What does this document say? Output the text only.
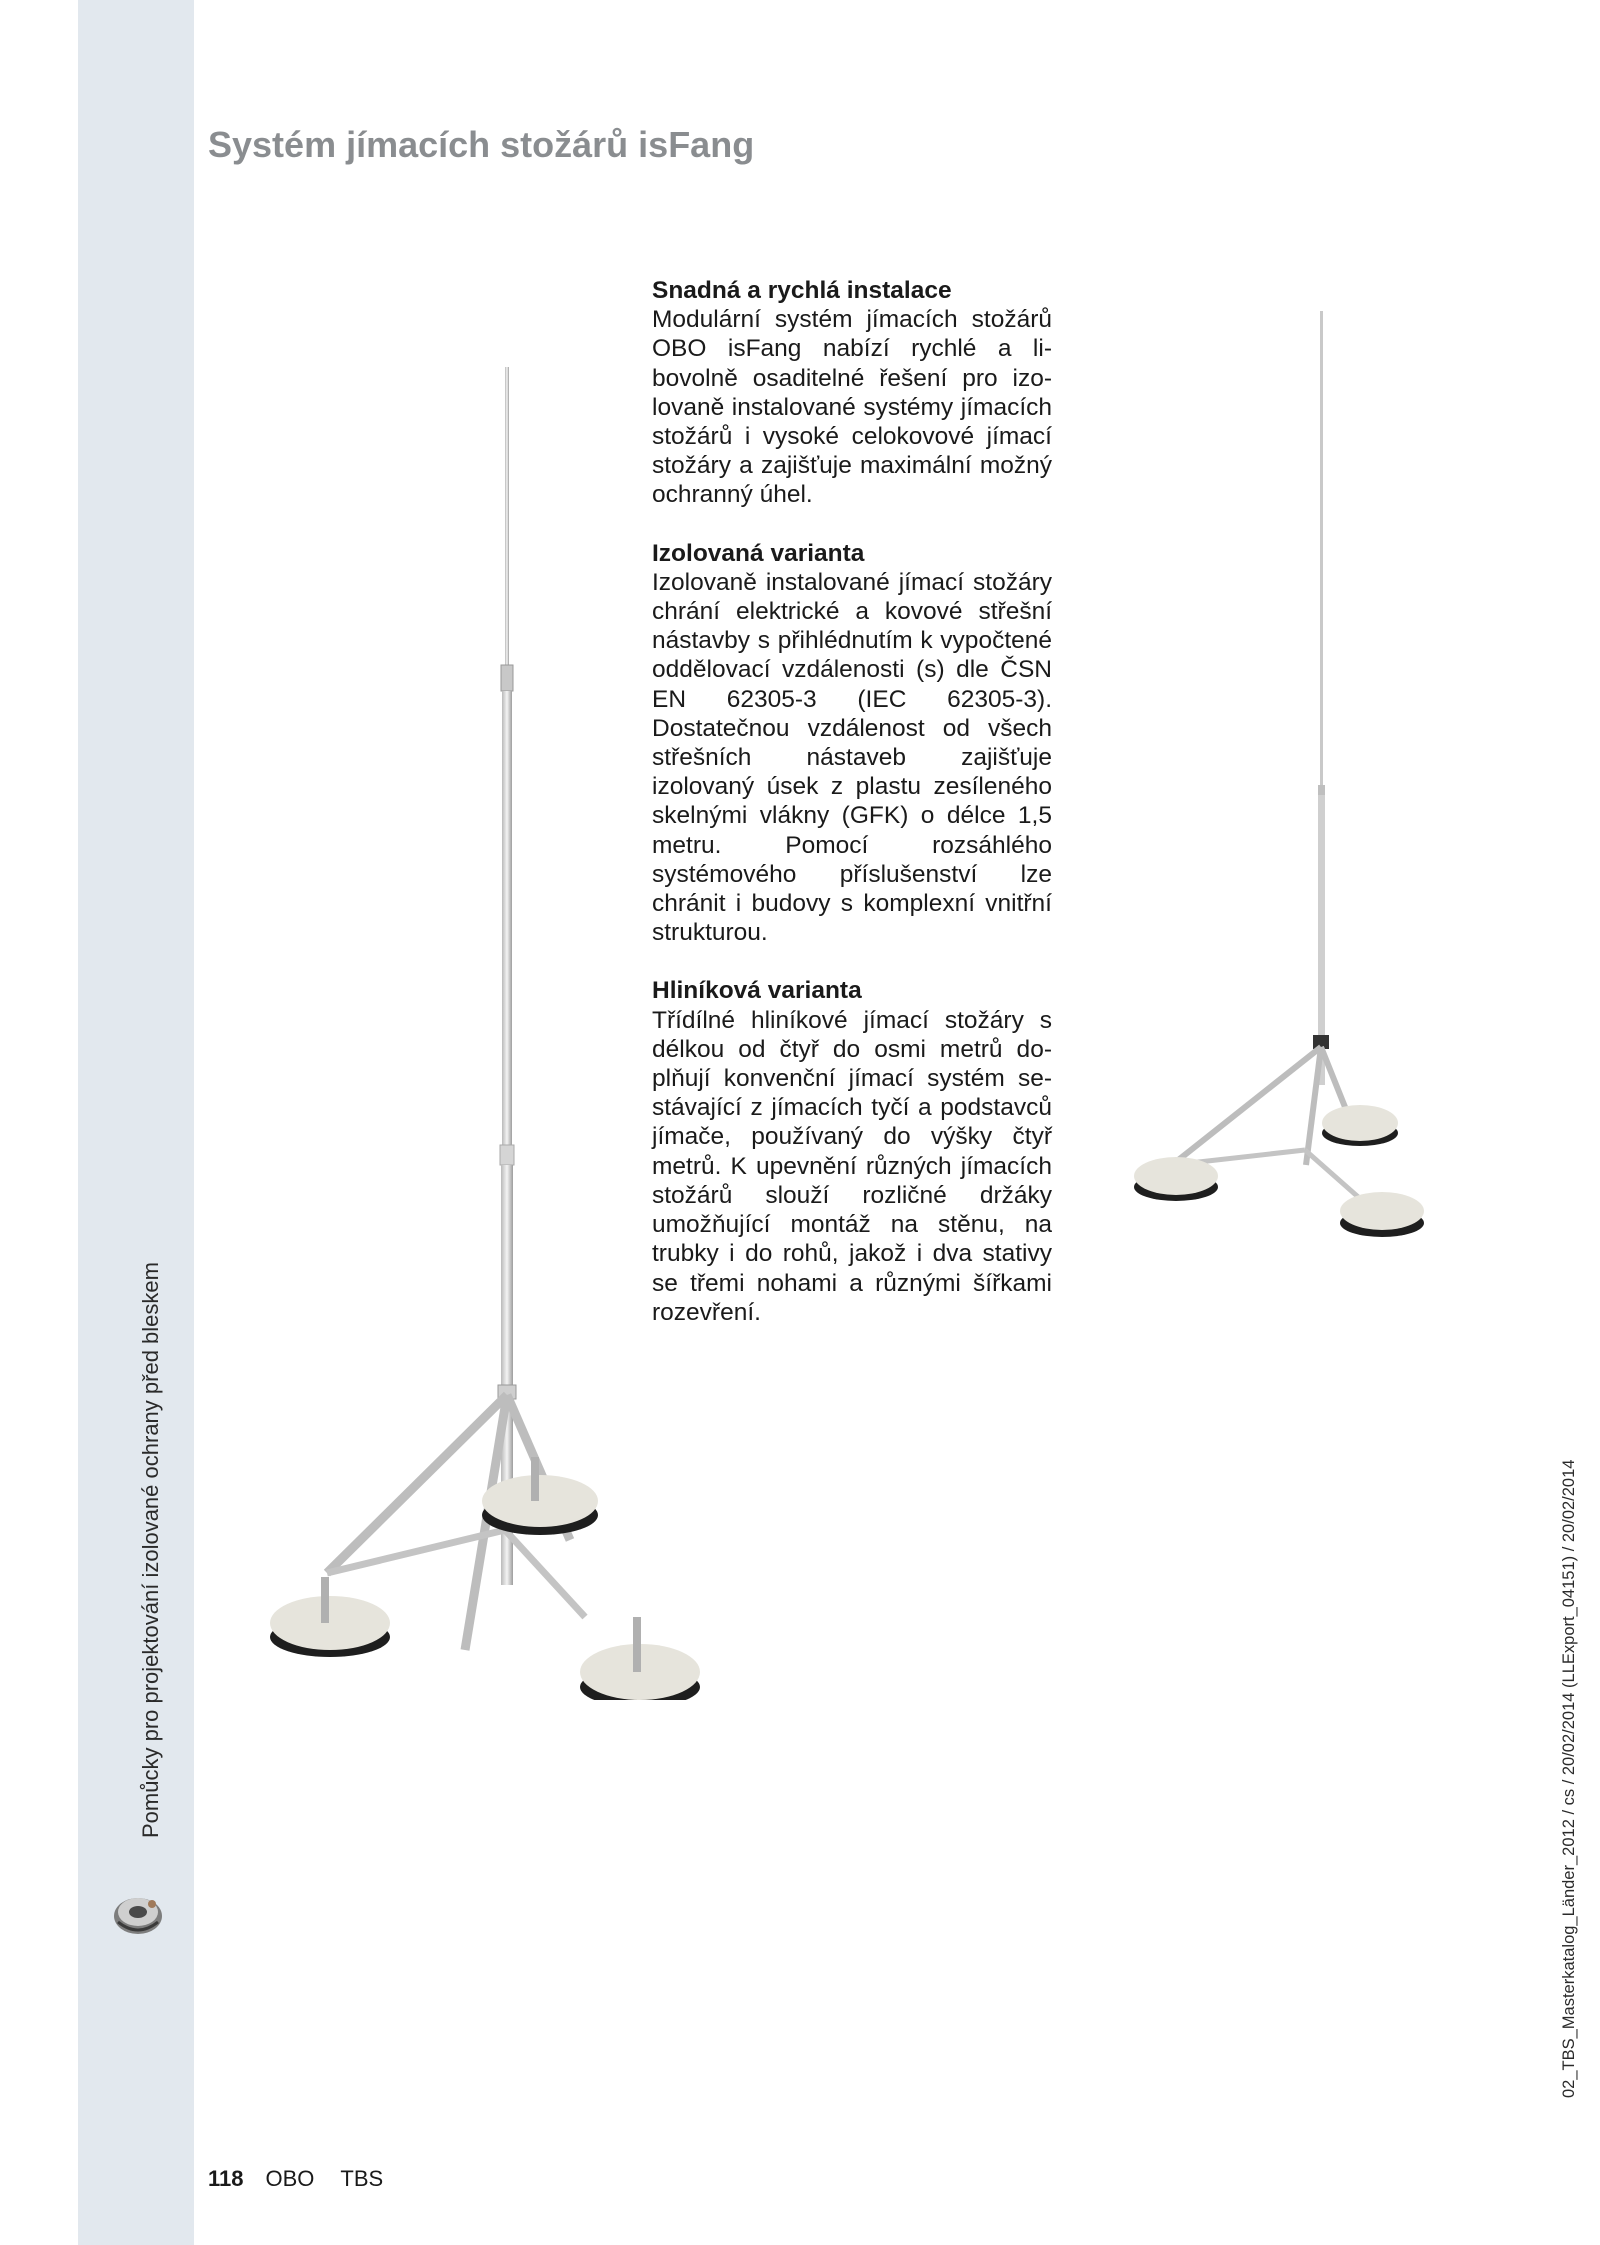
Pomůcky pro projektování izolované ochrany před bleskem
Systém jímacích stožárů isFang

Snadná a rychlá instalace

Modulární systém jímacích stožárů OBO isFang nabízí rychlé a libovolně osaditelné řešení pro izolovaně instalované systémy jímacích stožárů i vysoké celokovové jímací stožáry a zajišťuje maximální možný ochranný úhel.

Izolovaná varianta

Izolovaně instalované jímací stožáry chrání elektrické a kovové střešní nástavby s přihlédnutím k vypočtené oddělovací vzdálenosti (s) dle ČSN EN 62305-3 (IEC 62305-3). Dostatečnou vzdálenost od všech střešních nástaveb zajišťuje izolovaný úsek z plastu zesíleného skelnými vlákny (GFK) o délce 1,5 metru. Pomocí rozsáhlého systémového příslušenství lze chránit i budovy s komplexní vnitřní strukturou.

Hliníková varianta

Třídílné hliníkové jímací stožáry s délkou od čtyř do osmi metrů doplňují konvenční jímací systém sestávající z jímacích tyčí a podstavců jímače, používaný do výšky čtyř metrů. K upevnění různých jímacích stožárů slouží rozličné držáky umožňující montáž na stěnu, na trubky i do rohů, jakož i dva stativy se třemi nohami a různými šířkami rozevření.

118 OBO TBS
02_TBS_Masterkatalog_Länder_2012 / cs / 20/02/2014 (LLExport_04151) / 20/02/2014
